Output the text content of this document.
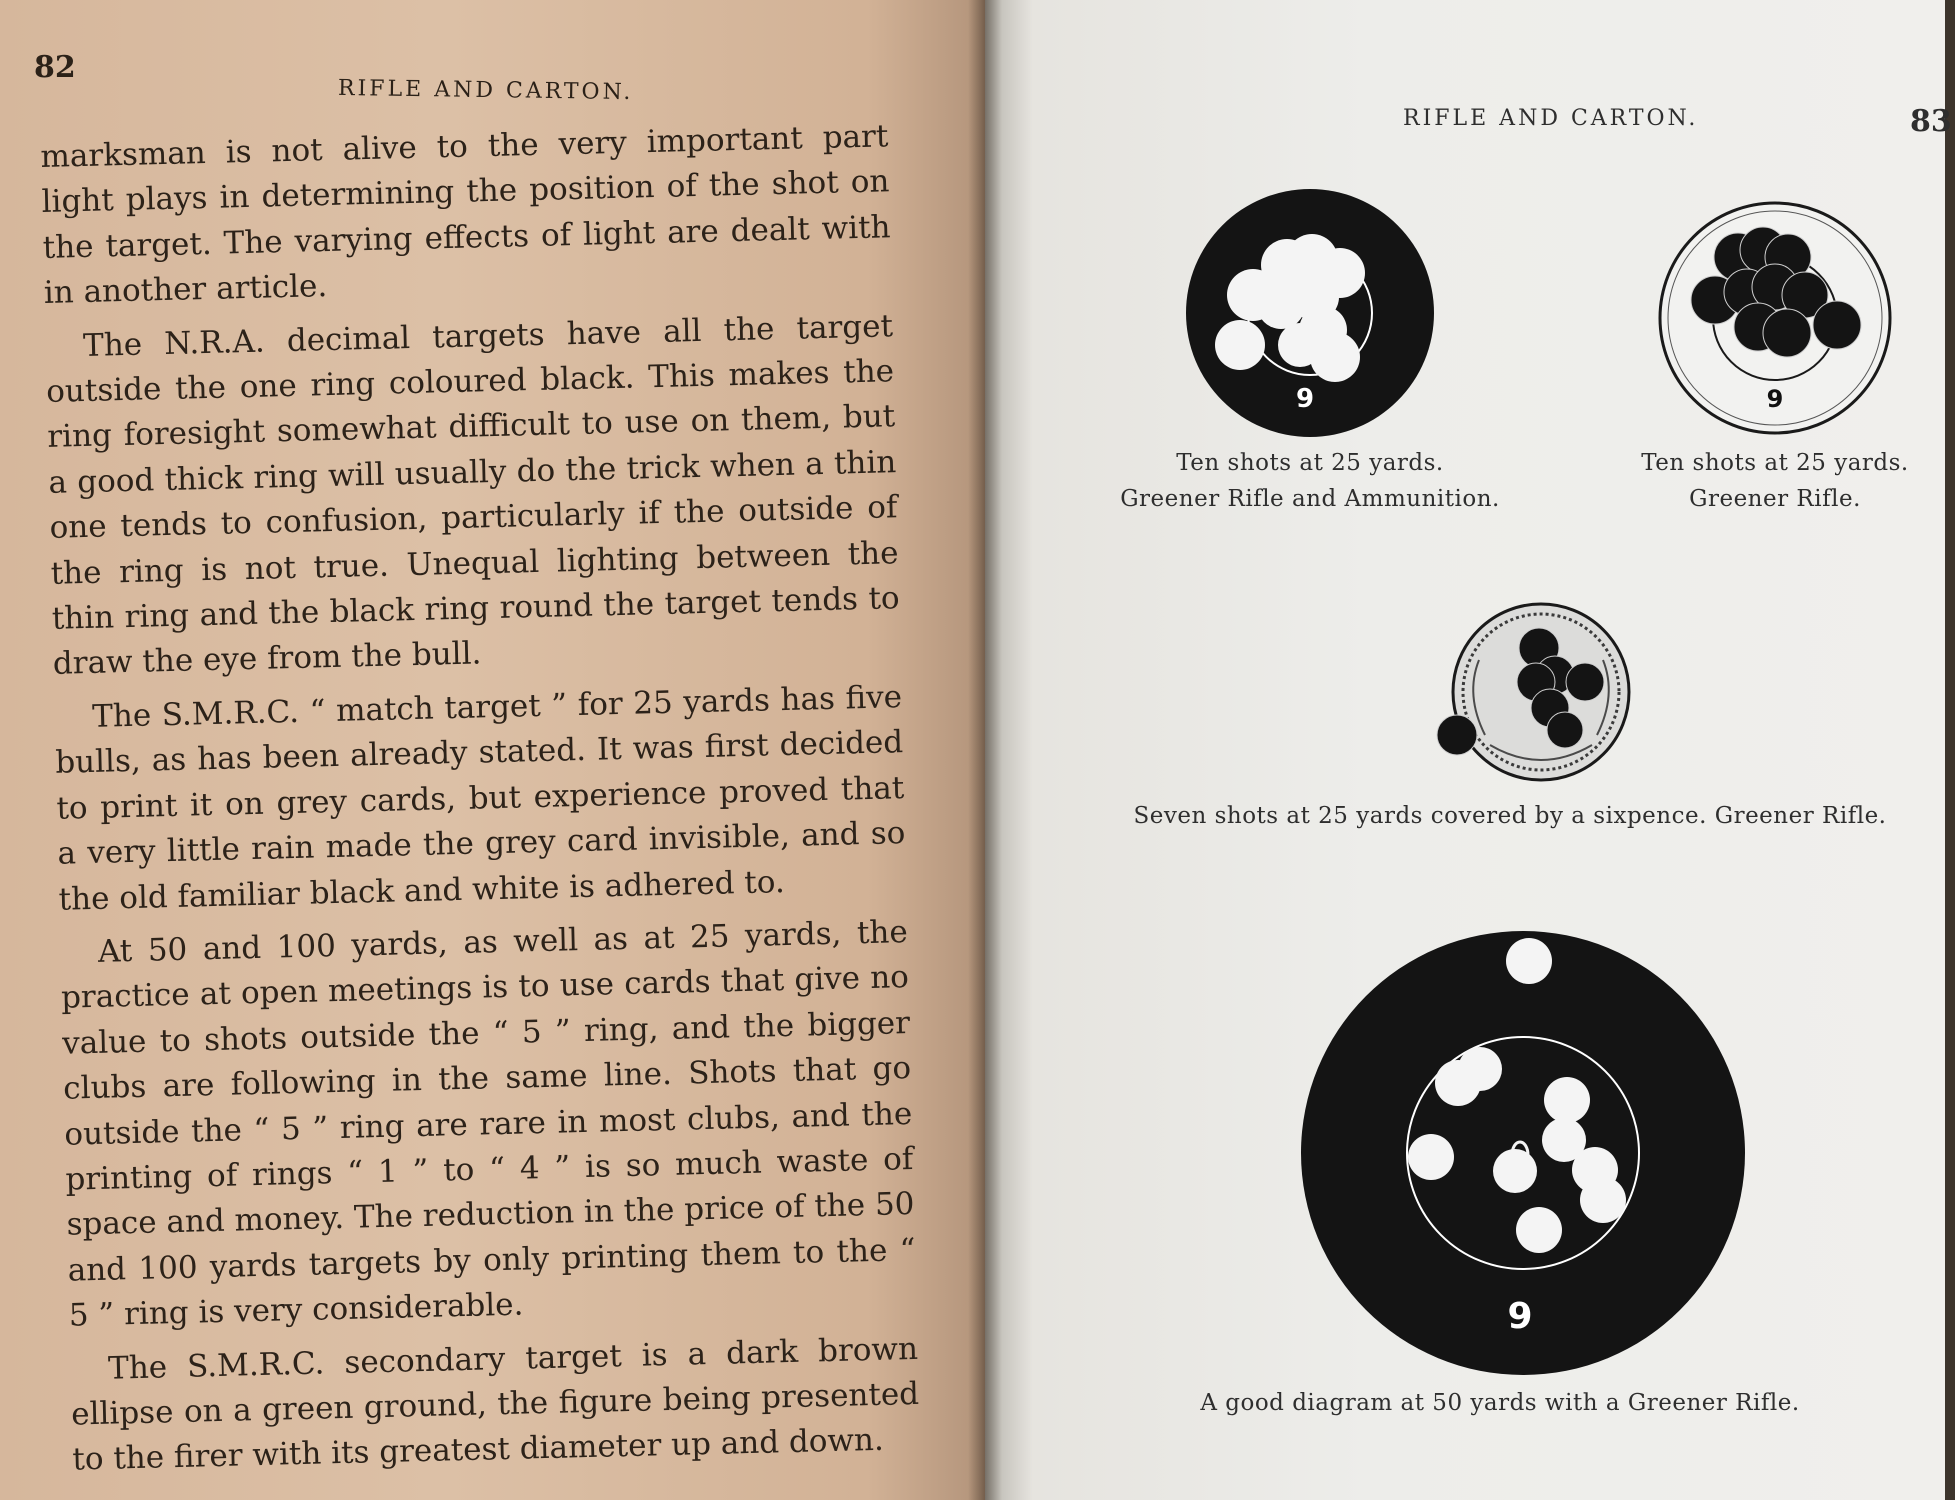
82
RIFLE AND CARTON.

marksman is not alive to the very important part light plays in determining the position of the shot on the target. The varying effects of light are dealt with in another article.

The N.R.A. decimal targets have all the target outside the one ring coloured black. This makes the ring foresight somewhat difficult to use on them, but a good thick ring will usually do the trick when a thin one tends to confusion, particularly if the outside of the ring is not true. Unequal lighting between the thin ring and the black ring round the target tends to draw the eye from the bull.

The S.M.R.C. “ match target ” for 25 yards has five bulls, as has been already stated. It was first decided to print it on grey cards, but experience proved that a very little rain made the grey card invisible, and so the old familiar black and white is adhered to.

At 50 and 100 yards, as well as at 25 yards, the practice at open meetings is to use cards that give no value to shots outside the “ 5 ” ring, and the bigger clubs are following in the same line. Shots that go outside the “ 5 ” ring are rare in most clubs, and the printing of rings “ 1 ” to “ 4 ” is so much waste of space and money. The reduction in the price of the 50 and 100 yards targets by only printing them to the “ 5 ” ring is very considerable.

The S.M.R.C. secondary target is a dark brown ellipse on a green ground, the figure being presented to the firer with its greatest diameter up and down.

RIFLE AND CARTON.	83
9
Ten shots at 25 yards.
Greener Rifle and Ammunition.
9
Ten shots at 25 yards.
Greener Rifle.
Seven shots at 25 yards covered by a sixpence. Greener Rifle.
9
A good diagram at 50 yards with a Greener Rifle.
